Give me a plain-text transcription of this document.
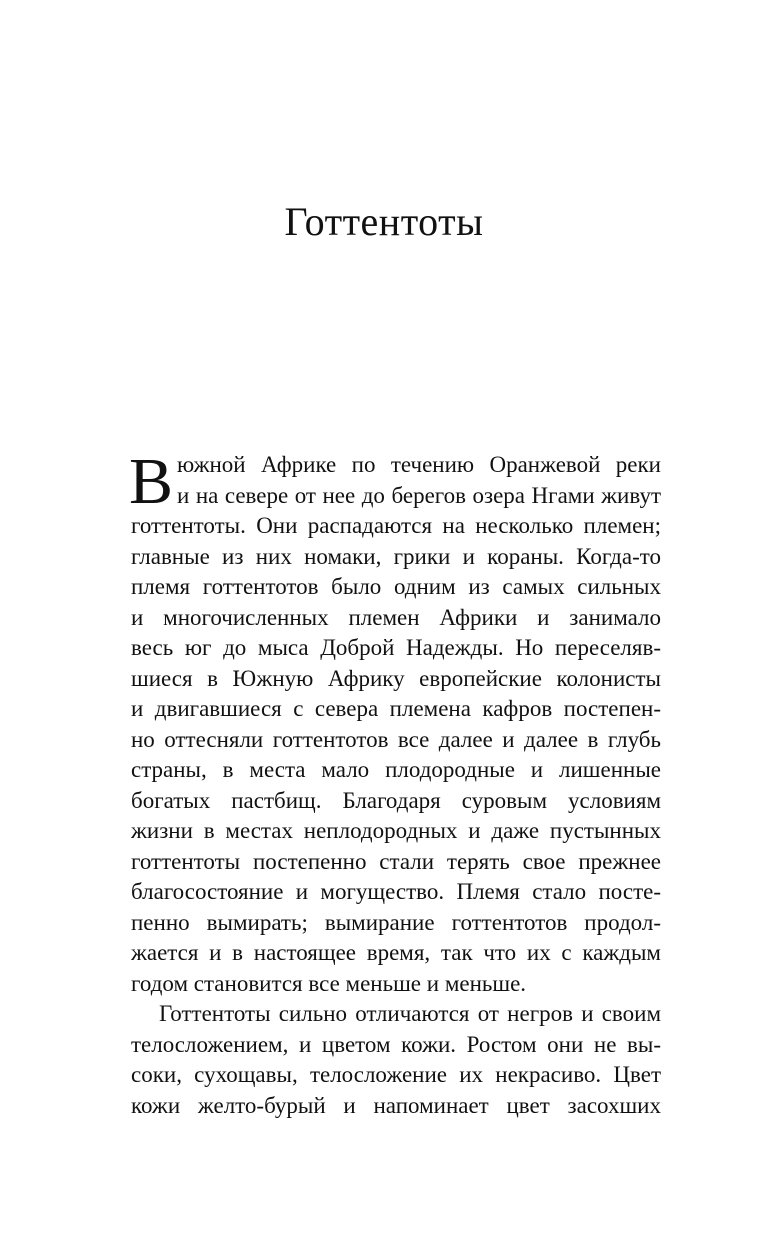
Готтентоты
В южной Африке по течению Оранжевой реки
и на севере от нее до берегов озера Нгами живут
готтентоты. Они распадаются на несколько племен;
главные из них номаки, грики и кораны. Когда-то
племя готтентотов было одним из самых сильных
и многочисленных племен Африки и занимало
весь юг до мыса Доброй Надежды. Но переселяв-
шиеся в Южную Африку европейские колонисты
и двигавшиеся с севера племена кафров постепен-
но оттесняли готтентотов все далее и далее в глубь
страны, в места мало плодородные и лишенные
богатых пастбищ. Благодаря суровым условиям
жизни в местах неплодородных и даже пустынных
готтентоты постепенно стали терять свое прежнее
благосостояние и могущество. Племя стало посте-
пенно вымирать; вымирание готтентотов продол-
жается и в настоящее время, так что их с каждым
годом становится все меньше и меньше.
Готтентоты сильно отличаются от негров и своим
телосложением, и цветом кожи. Ростом они не вы-
соки, сухощавы, телосложение их некрасиво. Цвет
кожи желто-бурый и напоминает цвет засохших
